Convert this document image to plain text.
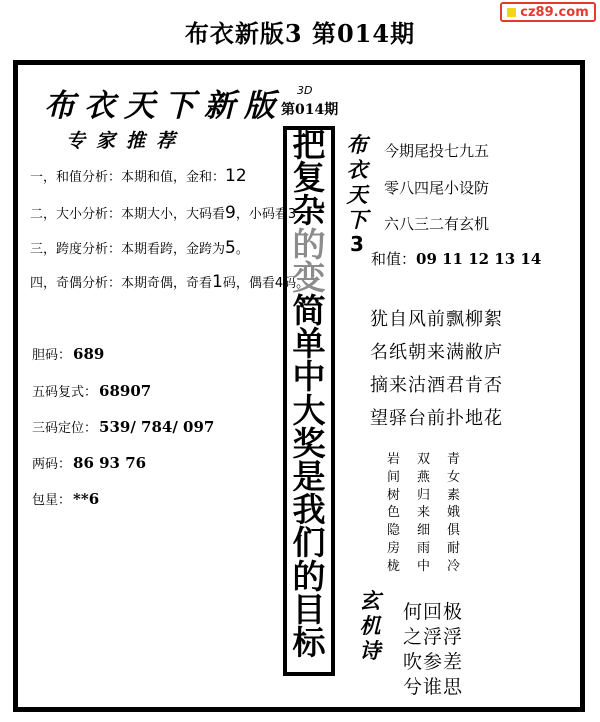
布衣新版3 第014期
cz89.com
布衣天下新版
专家推荐
一，和值分析：本期和值，金和：12
二，大小分析：本期大小，大码看9，小码看3
三，跨度分析：本期看跨，金跨为5。
四，奇偶分析：本期奇偶，奇看1码，偶看4码。
胆码： 689
五码复式： 68907
三码定位： 539/ 784/ 097
两码： 86 93 76
包星： **6
3D
第014期
把
复
杂
的
变
简
单
中
大
奖
是
我
们
的
目
标
布
衣
天
下
3
今期尾投七九五
零八四尾小设防
六八三二有玄机
和值：09 11 12 13 14
犹自风前飘柳絮
名纸朝来满敝庐
摘来沽酒君肯否
望驿台前扑地花
岩	双	青
间	燕	女
树	归	素
色	来	娥
隐	细	俱
房	雨	耐
栊	中	冷
玄
机
诗
何回极
之浮浮
吹参差
兮谁思
